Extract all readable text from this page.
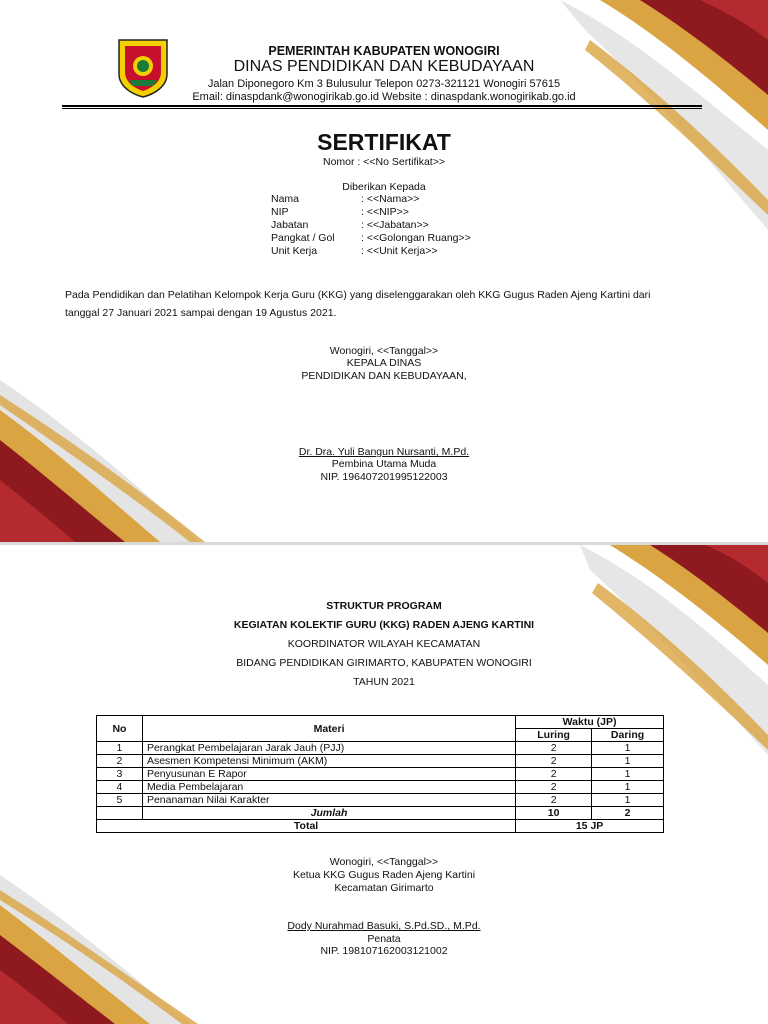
PEMERINTAH KABUPATEN WONOGIRI
DINAS PENDIDIKAN DAN KEBUDAYAAN
Jalan Diponegoro Km 3 Bulusulur Telepon 0273-321121 Wonogiri 57615
Email: dinaspdank@wonogirikab.go.id Website : dinaspdank.wonogirikab.go.id
SERTIFIKAT
Nomor : <<No Sertifikat>>
Diberikan Kepada
Nama	: <<Nama>>
NIP	: <<NIP>>
Jabatan	: <<Jabatan>>
Pangkat / Gol	: <<Golongan Ruang>>
Unit Kerja	: <<Unit Kerja>>
Pada Pendidikan dan Pelatihan Kelompok Kerja Guru (KKG) yang diselenggarakan oleh KKG Gugus Raden Ajeng Kartini dari
tanggal 27 Januari 2021 sampai dengan 19 Agustus 2021.
Wonogiri, <<Tanggal>>
KEPALA DINAS
PENDIDIKAN DAN KEBUDAYAAN,
Dr. Dra. Yuli Bangun Nursanti, M.Pd.
Pembina Utama Muda
NIP. 196407201995122003
STRUKTUR PROGRAM
KEGIATAN KOLEKTIF GURU (KKG) RADEN AJENG KARTINI
KOORDINATOR WILAYAH KECAMATAN
BIDANG PENDIDIKAN GIRIMARTO, KABUPATEN WONOGIRI
TAHUN 2021
No	Materi	Waktu (JP)	
		Luring	Daring
1	Perangkat Pembelajaran Jarak Jauh (PJJ)	2	1
2	Asesmen Kompetensi Minimum (AKM)	2	1
3	Penyusunan E Rapor	2	1
4	Media Pembelajaran	2	1
5	Penanaman Nilai Karakter	2	1
	Jumlah	10	2
Total		15 JP	
Wonogiri, <<Tanggal>>
Ketua KKG Gugus Raden Ajeng Kartini
Kecamatan Girimarto
Dody Nurahmad Basuki, S.Pd.SD., M.Pd.
Penata
NIP. 198107162003121002
